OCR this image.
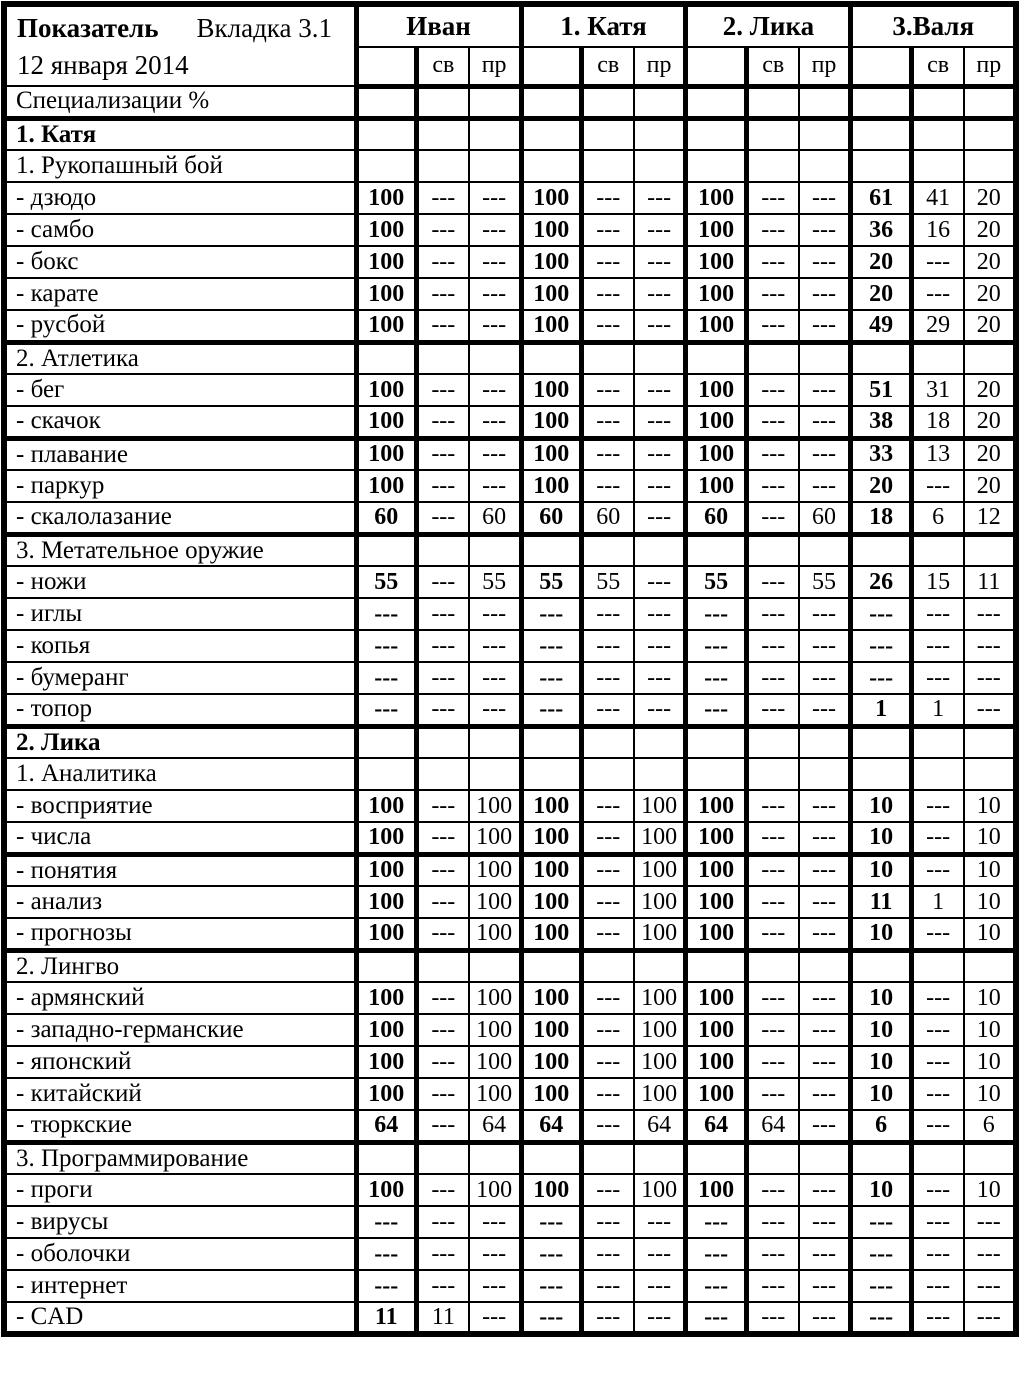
Показатель Вкладка 3.1
12 января 2014	Иван			1. Катя			2. Лика			3.Валя		
		св	пр		св	пр		св	пр		св	пр
Специализации %												
1. Катя												
1. Рукопашный бой												
- дзюдо	100	---	---	100	---	---	100	---	---	61	41	20
- самбо	100	---	---	100	---	---	100	---	---	36	16	20
- бокс	100	---	---	100	---	---	100	---	---	20	---	20
- карате	100	---	---	100	---	---	100	---	---	20	---	20
- русбой	100	---	---	100	---	---	100	---	---	49	29	20
2. Атлетика												
- бег	100	---	---	100	---	---	100	---	---	51	31	20
- скачок	100	---	---	100	---	---	100	---	---	38	18	20
- плавание	100	---	---	100	---	---	100	---	---	33	13	20
- паркур	100	---	---	100	---	---	100	---	---	20	---	20
- скалолазание	60	---	60	60	60	---	60	---	60	18	6	12
3. Метательное оружие												
- ножи	55	---	55	55	55	---	55	---	55	26	15	11
- иглы	---	---	---	---	---	---	---	---	---	---	---	---
- копья	---	---	---	---	---	---	---	---	---	---	---	---
- бумеранг	---	---	---	---	---	---	---	---	---	---	---	---
- топор	---	---	---	---	---	---	---	---	---	1	1	---
2. Лика												
1. Аналитика												
- восприятие	100	---	100	100	---	100	100	---	---	10	---	10
- числа	100	---	100	100	---	100	100	---	---	10	---	10
- понятия	100	---	100	100	---	100	100	---	---	10	---	10
- анализ	100	---	100	100	---	100	100	---	---	11	1	10
- прогнозы	100	---	100	100	---	100	100	---	---	10	---	10
2. Лингво												
- армянский	100	---	100	100	---	100	100	---	---	10	---	10
- западно-германские	100	---	100	100	---	100	100	---	---	10	---	10
- японский	100	---	100	100	---	100	100	---	---	10	---	10
- китайский	100	---	100	100	---	100	100	---	---	10	---	10
- тюркские	64	---	64	64	---	64	64	64	---	6	---	6
3. Программирование												
- проги	100	---	100	100	---	100	100	---	---	10	---	10
- вирусы	---	---	---	---	---	---	---	---	---	---	---	---
- оболочки	---	---	---	---	---	---	---	---	---	---	---	---
- интернет	---	---	---	---	---	---	---	---	---	---	---	---
- CAD	11	11	---	---	---	---	---	---	---	---	---	---
